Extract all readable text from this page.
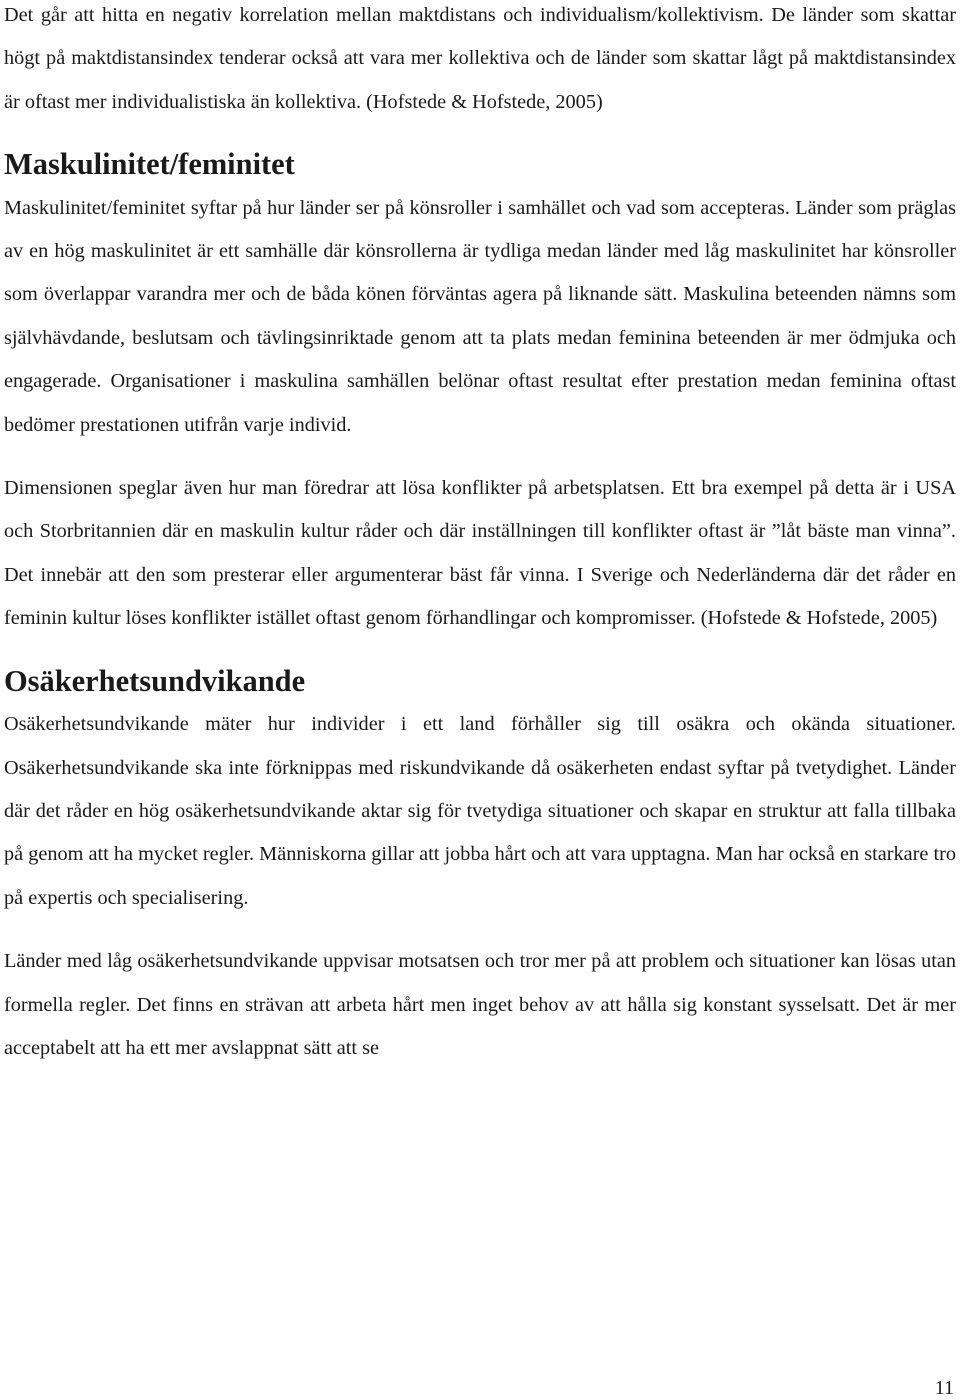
Det går att hitta en negativ korrelation mellan maktdistans och individualism/kollektivism. De länder som skattar högt på maktdistansindex tenderar också att vara mer kollektiva och de länder som skattar lågt på maktdistansindex är oftast mer individualistiska än kollektiva. (Hofstede & Hofstede, 2005)

Maskulinitet/feminitet

Maskulinitet/feminitet syftar på hur länder ser på könsroller i samhället och vad som accepteras. Länder som präglas av en hög maskulinitet är ett samhälle där könsrollerna är tydliga medan länder med låg maskulinitet har könsroller som överlappar varandra mer och de båda könen förväntas agera på liknande sätt. Maskulina beteenden nämns som självhävdande, beslutsam och tävlingsinriktade genom att ta plats medan feminina beteenden är mer ödmjuka och engagerade. Organisationer i maskulina samhällen belönar oftast resultat efter prestation medan feminina oftast bedömer prestationen utifrån varje individ.

Dimensionen speglar även hur man föredrar att lösa konflikter på arbetsplatsen. Ett bra exempel på detta är i USA och Storbritannien där en maskulin kultur råder och där inställningen till konflikter oftast är ”låt bäste man vinna”. Det innebär att den som presterar eller argumenterar bäst får vinna. I Sverige och Nederländerna där det råder en feminin kultur löses konflikter istället oftast genom förhandlingar och kompromisser. (Hofstede & Hofstede, 2005)

Osäkerhetsundvikande

Osäkerhetsundvikande mäter hur individer i ett land förhåller sig till osäkra och okända situationer. Osäkerhetsundvikande ska inte förknippas med riskundvikande då osäkerheten endast syftar på tvetydighet. Länder där det råder en hög osäkerhetsundvikande aktar sig för tvetydiga situationer och skapar en struktur att falla tillbaka på genom att ha mycket regler. Människorna gillar att jobba hårt och att vara upptagna. Man har också en starkare tro på expertis och specialisering.

Länder med låg osäkerhetsundvikande uppvisar motsatsen och tror mer på att problem och situationer kan lösas utan formella regler. Det finns en strävan att arbeta hårt men inget behov av att hålla sig konstant sysselsatt. Det är mer acceptabelt att ha ett mer avslappnat sätt att se

11
